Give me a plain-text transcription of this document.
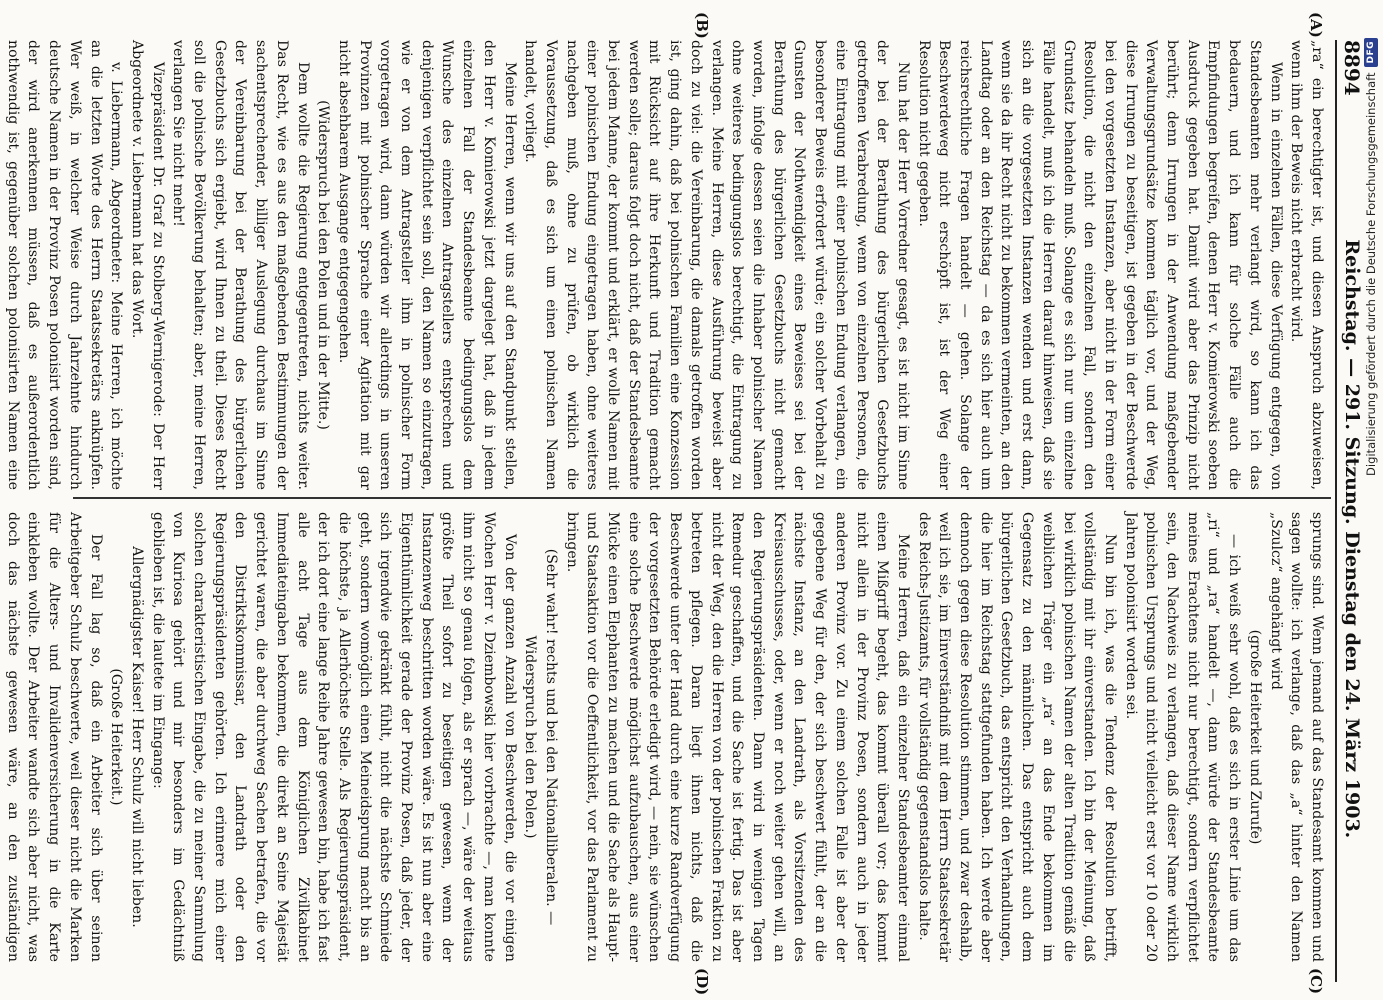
8894
Reichstag. — 291. Sitzung. Dienstag den 24. März 1903.
(A)
(B)
(C)
(D)

„ra“ ein berechtigter ist, und diesen Anspruch abzuweisen, wenn ihm der Beweis nicht erbracht wird.

Wenn in einzelnen Fällen, diese Verfügung entgegen, von Standesbeamten mehr verlangt wird, so kann ich das bedauern, und ich kann für solche Fälle auch die Empfindungen begreifen, denen Herr v. Komierowski soeben Ausdruck gegeben hat. Damit wird aber das Prinzip nicht berührt; denn Irrungen in der Anwendung maßgebender Verwaltungsgrundsätze kommen täglich vor, und der Weg, diese Irrungen zu beseitigen, ist gegeben in der Beschwerde bei den vorgesetzten Instanzen, aber nicht in der Form einer Resolution, die nicht den einzelnen Fall, sondern den Grundsatz behandeln muß. Solange es sich nur um einzelne Fälle handelt, muß ich die Herren darauf hinweisen, daß sie sich an die vorgesetzten Instanzen wenden und erst dann, wenn sie da ihr Recht nicht zu bekommen vermeinten, an den Landtag oder an den Reichstag — da es sich hier auch um reichsrechtliche Fragen handelt — gehen. Solange der Beschwerdeweg nicht erschöpft ist, ist der Weg einer Resolution nicht gegeben.

Nun hat der Herr Vorredner gesagt, es ist nicht im Sinne der bei der Berathung des bürgerlichen Gesetzbuchs getroffenen Verabredung, wenn von einzelnen Personen, die eine Eintragung mit einer polnischen Endung verlangen, ein besonderer Beweis erfordert würde; ein solcher Vorbehalt zu Gunsten der Nothwendigkeit eines Beweises sei bei der Berathung des bürgerlichen Gesetzbuchs nicht gemacht worden, infolge dessen seien die Inhaber polnischer Namen ohne weiteres bedingungslos berechtigt, die Eintragung zu verlangen. Meine Herren, diese Ausführung beweist aber doch zu viel: die Vereinbarung, die damals getroffen worden ist, ging dahin, daß bei polnischen Familien eine Konzession mit Rücksicht auf ihre Herkunft und Tradition gemacht werden solle; daraus folgt doch nicht, daß der Standesbeamte bei jedem Manne, der kommt und erklärt, er wolle Namen mit einer polnischen Endung eingetragen haben, ohne weiteres nachgeben muß, ohne zu prüfen, ob wirklich die Voraussetzung, daß es sich um einen polnischen Namen handelt, vorliegt.

Meine Herren, wenn wir uns auf den Standpunkt stellen, den Herr v. Komierowski jetzt dargelegt hat, daß in jedem einzelnen Fall der Standesbeamte bedingungslos dem Wunsche des einzelnen Antragstellers entsprechen und denjenigen verpflichtet sein soll, den Namen so einzutragen, wie er von dem Antragsteller ihm in polnischer Form vorgetragen wird, dann würden wir allerdings in unseren Provinzen mit polnischer Sprache einer Agitation mit gar nicht absehbarem Ausgange entgegengehen.

(Widerspruch bei den Polen und in der Mitte.)

Dem wollte die Regierung entgegentreten, nichts weiter. Das Recht, wie es aus den maßgebenden Bestimmungen der sachentsprechender, billiger Auslegung durchaus im Sinne der Vereinbarung bei der Berathung des bürgerlichen Gesetzbuchs sich ergiebt, wird Ihnen zu theil. Dieses Recht soll die polnische Bevölkerung behalten; aber, meine Herren, verlangen Sie nicht mehr!

Vizepräsident Dr. Graf zu Stolberg-Wernigerode: Der Herr Abgeordnete v. Liebermann hat das Wort.

v. Liebermann, Abgeordneter: Meine Herren, ich möchte an die letzten Worte des Herrn Staatssekretärs anknüpfen. Wer weiß, in welcher Weise durch Jahrzehnte hindurch deutsche Namen in der Provinz Posen polonisirt worden sind, der wird anerkennen müssen, daß es außerordentlich nothwendig ist, gegenüber solchen polonisirten Namen eine

sprungs sind. Wenn jemand auf das Standesamt kommen und sagen wollte: ich verlange, daß das „a“ hinter den Namen „Szulcz“ angehängt wird

(große Heiterkeit und Zurufe)

— ich weiß sehr wohl, daß es sich in erster Linie um das „ri“ und „ra“ handelt —, dann würde der Standesbeamte meines Erachtens nicht nur berechtigt, sondern verpflichtet sein, den Nachweis zu verlangen, daß dieser Name wirklich polnischen Ursprungs und nicht vielleicht erst vor 10 oder 20 Jahren polonisirt worden sei.

Nun bin ich, was die Tendenz der Resolution betrifft, vollständig mit ihr einverstanden. Ich bin der Meinung, daß bei wirklich polnischen Namen der alten Tradition gemäß die weiblichen Träger ein „ra“ an das Ende bekommen im Gegensatz zu den männlichen. Das entspricht auch dem bürgerlichen Gesetzbuch, das entspricht den Verhandlungen, die hier im Reichstag stattgefunden haben. Ich werde aber dennoch gegen diese Resolution stimmen, und zwar deshalb, weil ich sie, im Einverständniß mit dem Herrn Staatssekretär des Reichs-Justizamts, für vollständig gegenstandslos halte.

Meine Herren, daß ein einzelner Standesbeamter einmal einen Mißgriff begeht, das kommt überall vor; das kommt nicht allein in der Provinz Posen, sondern auch in jeder anderen Provinz vor. Zu einem solchen Falle ist aber der gegebene Weg für den, der sich beschwert fühlt, der an die nächste Instanz, an den Landrath, als Vorsitzenden des Kreisausschusses, oder, wenn er noch weiter gehen will, an den Regierungspräsidenten. Dann wird in wenigen Tagen Remedur geschaffen, und die Sache ist fertig. Das ist aber nicht der Weg, den die Herren von der polnischen Fraktion zu betreten pflegen. Daran liegt ihnen nichts, daß die Beschwerde unter der Hand durch eine kurze Randverfügung der vorgesetzten Behörde erledigt wird, — nein, sie wünschen eine solche Beschwerde möglichst aufzubauschen, aus einer Mücke einen Elephanten zu machen und die Sache als Haupt- und Staatsaktion vor die Oeffentlichkeit, vor das Parlament zu bringen.

(Sehr wahr! rechts und bei den Nationalliberalen. — Widerspruch bei den Polen.)

Von der ganzen Anzahl von Beschwerden, die vor einigen Wochen Herr v. Dziembowski hier vorbrachte —, man konnte ihm nicht so genau folgen, als er sprach —, wäre der weitaus größte Theil sofort zu beseitigen gewesen, wenn der Instanzenweg beschritten worden wäre. Es ist nun aber eine Eigenthümlichkeit gerade der Provinz Posen, daß jeder, der sich irgendwie gekränkt fühlt, nicht die nächste Schmiede geht, sondern womöglich einen Meineidsprung macht bis an die höchste, ja Allerhöchste Stelle. Als Regierungspräsident, der ich dort eine lange Reihe Jahre gewesen bin, habe ich fast alle acht Tage aus dem Königlichen Zivilkabinet Immediateingaben bekommen, die direkt an Seine Majestät gerichtet waren, die aber durchweg Sachen betrafen, die vor den Distriktskommissar, den Landrath oder den Regierungspräsidenten gehörten. Ich erinnere mich einer solchen charakteristischen Eingabe, die zu meiner Sammlung von Kuriosa gehört und mir besonders im Gedächtniß geblieben ist, die lautete im Eingange:

Allergnädigster Kaiser! Herr Schulz will nicht lieben.

(Große Heiterkeit.)

Der Fall lag so, daß ein Arbeiter sich über seinen Arbeitgeber Schulz beschwerte, weil dieser nicht die Marken für die Alters- und Invalidenversicherung in die Karte einkleben wollte. Der Arbeiter wandte sich aber nicht, was doch das nächste gewesen wäre, an den zuständigen

Digitalisierung gefördert durch die Deutsche Forschungsgemeinschaft
DFG
